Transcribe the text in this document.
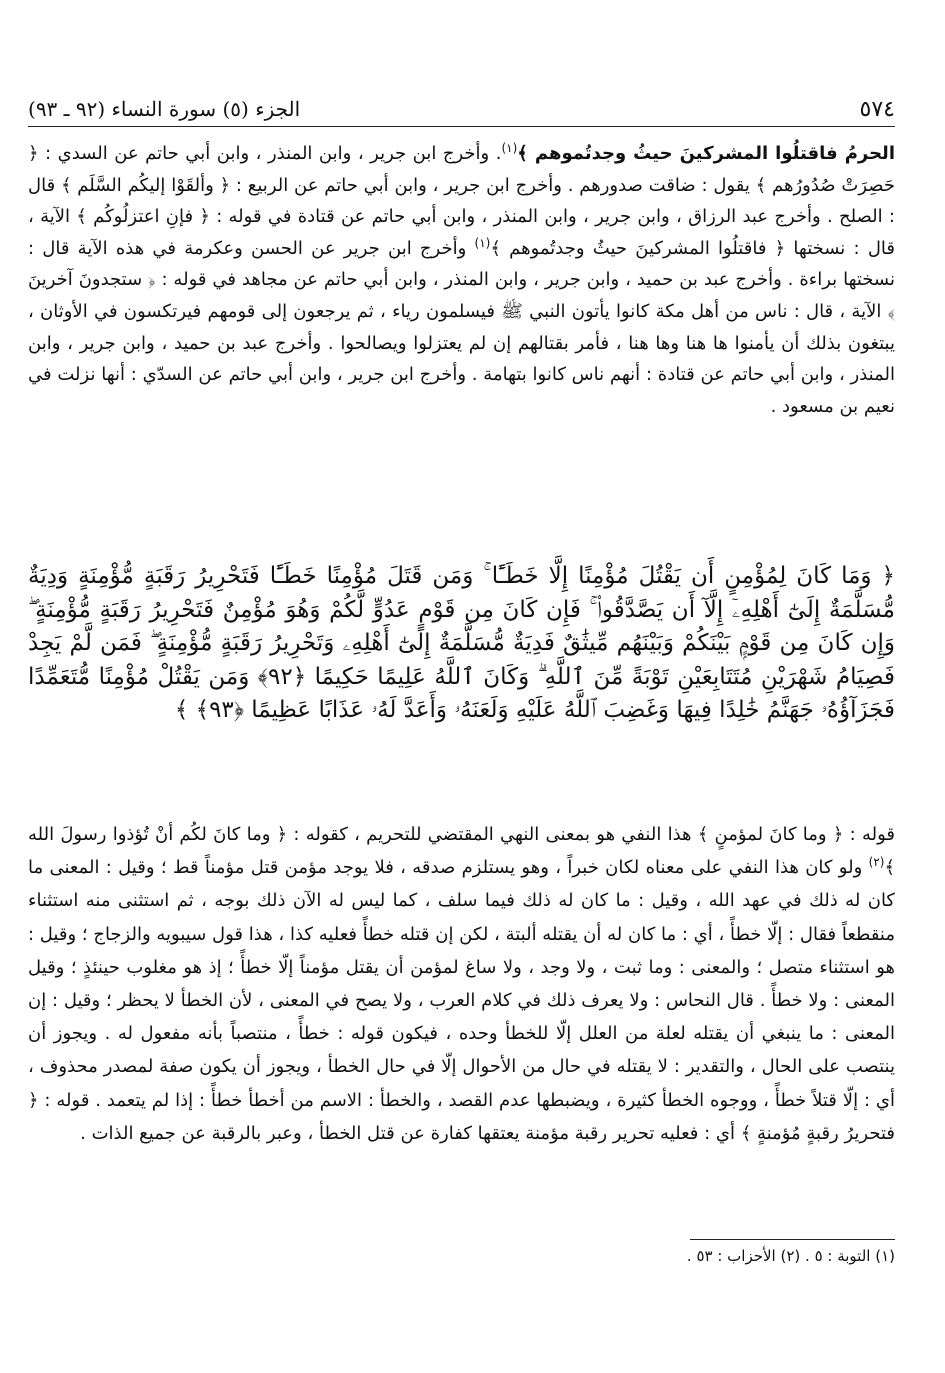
٥٧٤
الجزء (٥) سورة النساء (٩٢ ـ ٩٣)

الحرمُ فاقتلُوا المشركينَ حيثُ وجدتُموهم ﴾$^{(١)}$. وأخرج ابن جرير ، وابن المنذر ، وابن أبي حاتم عن السدي : ﴿ حَصِرَتْ صُدُورُهم ﴾ يقول : ضاقت صدورهم . وأخرج ابن جرير ، وابن أبي حاتم عن الربيع : ﴿ وألقَوْا إليكُم السَّلَم ﴾ قال : الصلح . وأخرج عبد الرزاق ، وابن جرير ، وابن المنذر ، وابن أبي حاتم عن قتادة في قوله : ﴿ فإنِ اعتزلُوكُم ﴾ الآية ، قال : نسختها ﴿ فاقتلُوا المشركينَ حيثُ وجدتُموهم ﴾$^{(١)}$ وأخرج ابن جرير عن الحسن وعكرمة في هذه الآية قال : نسختها براءة . وأخرج عبد بن حميد ، وابن جرير ، وابن المنذر ، وابن أبي حاتم عن مجاهد في قوله : ﴿ ستجدونَ آخرينَ ﴾ الآية ، قال : ناس من أهل مكة كانوا يأتون النبي ﷺ فيسلمون رياء ، ثم يرجعون إلى قومهم فيرتكسون في الأوثان ، يبتغون بذلك أن يأمنوا ها هنا وها هنا ، فأمر بقتالهم إن لم يعتزلوا ويصالحوا . وأخرج عبد بن حميد ، وابن جرير ، وابن المنذر ، وابن أبي حاتم عن قتادة : أنهم ناس كانوا بتهامة . وأخرج ابن جرير ، وابن أبي حاتم عن السدّي : أنها نزلت في نعيم بن مسعود .

﴿ وَمَا كَانَ لِمُؤْمِنٍ أَن يَقْتُلَ مُؤْمِنًا إِلَّا خَطَـًٔا ۚ وَمَن قَتَلَ مُؤْمِنًا خَطَـًٔا فَتَحْرِيرُ رَقَبَةٍ مُّؤْمِنَةٍ وَدِيَةٌ مُّسَلَّمَةٌ إِلَىٰٓ أَهْلِهِۦٓ إِلَّآ أَن يَصَّدَّقُوا۟ ۚ فَإِن كَانَ مِن قَوْمٍ عَدُوٍّ لَّكُمْ وَهُوَ مُؤْمِنٌ فَتَحْرِيرُ رَقَبَةٍ مُّؤْمِنَةٍ ۖ وَإِن كَانَ مِن قَوْمٍۭ بَيْنَكُمْ وَبَيْنَهُم مِّيثَٰقٌ فَدِيَةٌ مُّسَلَّمَةٌ إِلَىٰٓ أَهْلِهِۦ وَتَحْرِيرُ رَقَبَةٍ مُّؤْمِنَةٍ ۖ فَمَن لَّمْ يَجِدْ فَصِيَامُ شَهْرَيْنِ مُتَتَابِعَيْنِ تَوْبَةً مِّنَ ٱللَّهِ ۗ وَكَانَ ٱللَّهُ عَلِيمًا حَكِيمًا ﴿٩٢﴾ وَمَن يَقْتُلْ مُؤْمِنًا مُّتَعَمِّدًا فَجَزَآؤُهُۥ جَهَنَّمُ خَٰلِدًا فِيهَا وَغَضِبَ ٱللَّهُ عَلَيْهِ وَلَعَنَهُۥ وَأَعَدَّ لَهُۥ عَذَابًا عَظِيمًا ﴿٩٣﴾ ﴾

قوله : ﴿ وما كانَ لمؤمنٍ ﴾ هذا النفي هو بمعنى النهي المقتضي للتحريم ، كقوله : ﴿ وما كانَ لكُم أنْ تُؤذوا رسولَ الله ﴾$^{(٢)}$ ولو كان هذا النفي على معناه لكان خبراً ، وهو يستلزم صدقه ، فلا يوجد مؤمن قتل مؤمناً قط ؛ وقيل : المعنى ما كان له ذلك في عهد الله ، وقيل : ما كان له ذلك فيما سلف ، كما ليس له الآن ذلك بوجه ، ثم استثنى منه استثناء منقطعاً فقال : إلّا خطأً ، أي : ما كان له أن يقتله ألبتة ، لكن إن قتله خطأً فعليه كذا ، هذا قول سيبويه والزجاج ؛ وقيل : هو استثناء متصل ؛ والمعنى : وما ثبت ، ولا وجد ، ولا ساغ لمؤمن أن يقتل مؤمناً إلّا خطأً ؛ إذ هو مغلوب حينئذٍ ؛ وقيل المعنى : ولا خطأً . قال النحاس : ولا يعرف ذلك في كلام العرب ، ولا يصح في المعنى ، لأن الخطأ لا يحظر ؛ وقيل : إن المعنى : ما ينبغي أن يقتله لعلة من العلل إلّا للخطأ وحده ، فيكون قوله : خطأً ، منتصباً بأنه مفعول له . ويجوز أن ينتصب على الحال ، والتقدير : لا يقتله في حال من الأحوال إلّا في حال الخطأ ، ويجوز أن يكون صفة لمصدر محذوف ، أي : إلّا قتلاً خطأً ، ووجوه الخطأ كثيرة ، ويضبطها عدم القصد ، والخطأ : الاسم من أخطأ خطأً : إذا لم يتعمد . قوله : ﴿ فتحريرُ رقبةٍ مُؤمنةٍ ﴾ أي : فعليه تحرير رقبة مؤمنة يعتقها كفارة عن قتل الخطأ ، وعبر بالرقبة عن جميع الذات .

(١) التوبة : ٥ . (٢) الأحزاب : ٥٣ .
